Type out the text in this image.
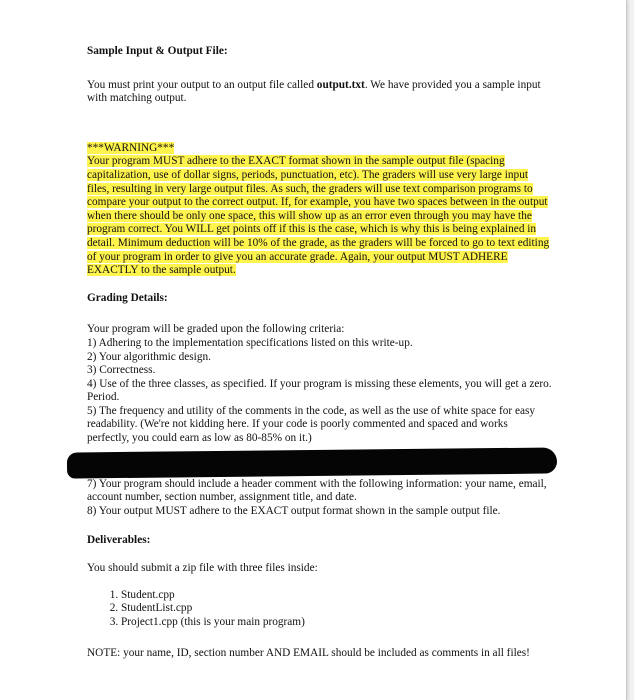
Sample Input & Output File:

You must print your output to an output file called output.txt. We have provided you a sample input with matching output.

***WARNING***

Your program MUST adhere to the EXACT format shown in the sample output file (spacing capitalization, use of dollar signs, periods, punctuation, etc). The graders will use very large input files, resulting in very large output files. As such, the graders will use text comparison programs to compare your output to the correct output. If, for example, you have two spaces between in the output when there should be only one space, this will show up as an error even through you may have the program correct. You WILL get points off if this is the case, which is why this is being explained in detail. Minimum deduction will be 10% of the grade, as the graders will be forced to go to text editing of your program in order to give you an accurate grade. Again, your output MUST ADHERE EXACTLY to the sample output.

Grading Details:

Your program will be graded upon the following criteria:

1) Adhering to the implementation specifications listed on this write-up.
2) Your algorithmic design.
3) Correctness.
4) Use of the three classes, as specified. If your program is missing these elements, you will get a zero. Period.
5) The frequency and utility of the comments in the code, as well as the use of white space for easy readability. (We're not kidding here. If your code is poorly commented and spaced and works perfectly, you could earn as low as 80-85% on it.)
7) Your program should include a header comment with the following information: your name, email, account number, section number, assignment title, and date.
8) Your output MUST adhere to the EXACT output format shown in the sample output file.

Deliverables:

You should submit a zip file with three files inside:

1. Student.cpp
2. StudentList.cpp
3. Project1.cpp (this is your main program)

NOTE: your name, ID, section number AND EMAIL should be included as comments in all files!
